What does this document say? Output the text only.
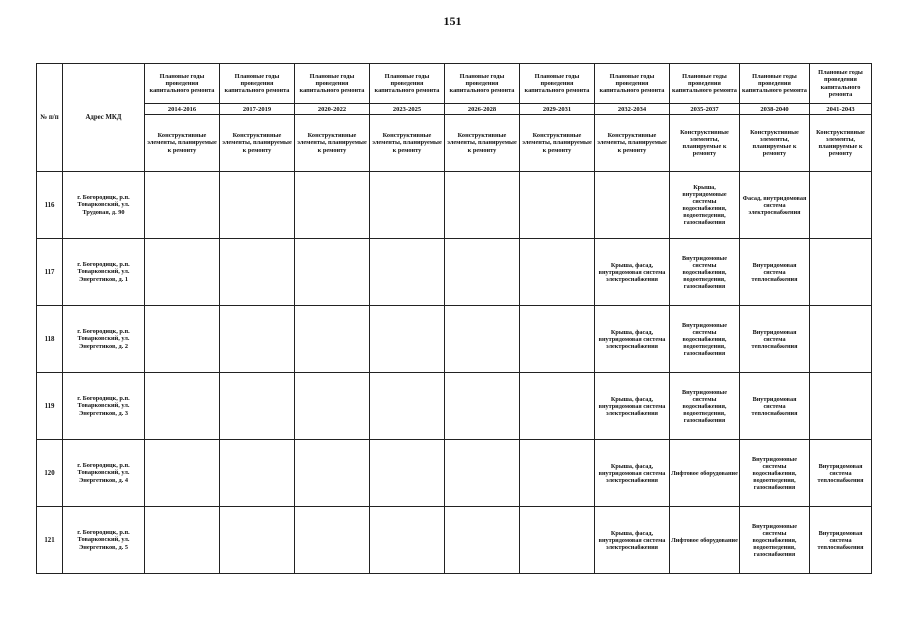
151
№ п/п	Адрес МКД	Плановые годы проведения капитального ремонта	Плановые годы проведения капитального ремонта	Плановые годы проведения капитального ремонта	Плановые годы проведения капитального ремонта	Плановые годы проведения капитального ремонта	Плановые годы проведения капитального ремонта	Плановые годы проведения капитального ремонта	Плановые годы проведения капитального ремонта	Плановые годы проведения капитального ремонта	Плановые годы проведения капитального ремонта
		2014-2016	2017-2019	2020-2022	2023-2025	2026-2028	2029-2031	2032-2034	2035-2037	2038-2040	2041-2043
		Конструктивные элементы, планируемые к ремонту	Конструктивные элементы, планируемые к ремонту	Конструктивные элементы, планируемые к ремонту	Конструктивные элементы, планируемые к ремонту	Конструктивные элементы, планируемые к ремонту	Конструктивные элементы, планируемые к ремонту	Конструктивные элементы, планируемые к ремонту	Конструктивные элементы, планируемые к ремонту	Конструктивные элементы, планируемые к ремонту	Конструктивные элементы, планируемые к ремонту
116	г. Богородицк, р.п. Товарковский, ул. Трудовая, д. 90								Крыша, внутридомовые системы водоснабжения, водоотведения, газоснабжения	Фасад, внутридомовая система электроснабжения	
117	г. Богородицк, р.п. Товарковский, ул. Энергетиков, д. 1							Крыша, фасад, внутридомовая система электроснабжения	Внутридомовые системы водоснабжения, водоотведения, газоснабжения	Внутридомовая система теплоснабжения	
118	г. Богородицк, р.п. Товарковский, ул. Энергетиков, д. 2							Крыша, фасад, внутридомовая система электроснабжения	Внутридомовые системы водоснабжения, водоотведения, газоснабжения	Внутридомовая система теплоснабжения	
119	г. Богородицк, р.п. Товарковский, ул. Энергетиков, д. 3							Крыша, фасад, внутридомовая система электроснабжения	Внутридомовые системы водоснабжения, водоотведения, газоснабжения	Внутридомовая система теплоснабжения	
120	г. Богородицк, р.п. Товарковский, ул. Энергетиков, д. 4							Крыша, фасад, внутридомовая система электроснабжения	Лифтовое оборудование	Внутридомовые системы водоснабжения, водоотведения, газоснабжения	Внутридомовая система теплоснабжения
121	г. Богородицк, р.п. Товарковский, ул. Энергетиков, д. 5							Крыша, фасад, внутридомовая система электроснабжения	Лифтовое оборудование	Внутридомовые системы водоснабжения, водоотведения, газоснабжения	Внутридомовая система теплоснабжения
